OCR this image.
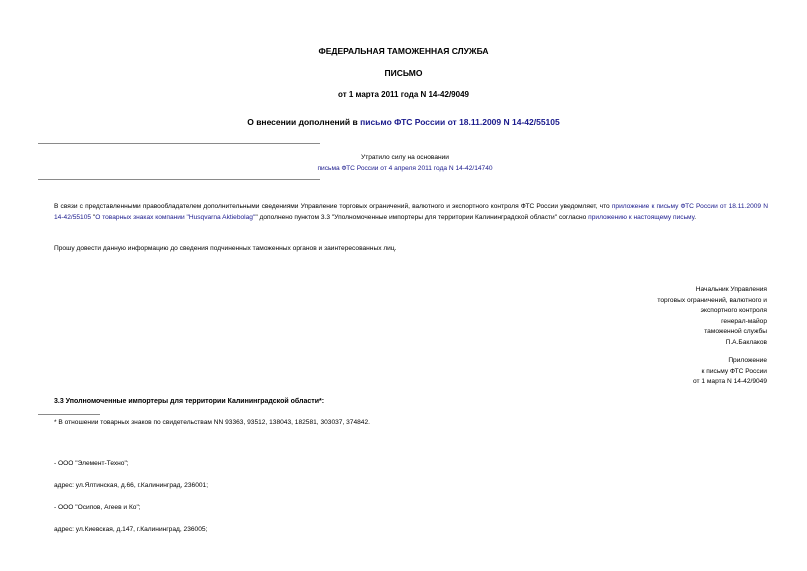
ФЕДЕРАЛЬНАЯ ТАМОЖЕННАЯ СЛУЖБА
ПИСЬМО
от 1 марта 2011 года N 14-42/9049
О внесении дополнений в письмо ФТС России от 18.11.2009 N 14-42/55105
Утратило силу на основании
письма ФТС России от 4 апреля 2011 года N 14-42/14740
В связи с представленными правообладателем дополнительными сведениями Управление торговых ограничений, валютного и экспортного контроля ФТС России уведомляет, что приложение к письму ФТС России от 18.11.2009 N 14-42/55105 "О товарных знаках компании "Husqvarna Aktiebolag"" дополнено пунктом 3.3 "Уполномоченные импортеры для территории Калининградской области" согласно приложению к настоящему письму.
Прошу довести данную информацию до сведения подчиненных таможенных органов и заинтересованных лиц.
Начальник Управления
торговых ограничений, валютного и
экспортного контроля
генерал-майор
таможенной службы
П.А.Баклаков
Приложение
к письму ФТС России
от 1 марта N 14-42/9049
3.3 Уполномоченные импортеры для территории Калининградской области*:
* В отношении товарных знаков по свидетельствам NN 93363, 93512, 138043, 182581, 303037, 374842.
- ООО "Элемент-Техно";
адрес: ул.Ялтинская, д.66, г.Калининград, 236001;
- ООО "Осипов, Агеев и Ко";
адрес: ул.Киевская, д.147, г.Калининград, 236005;
